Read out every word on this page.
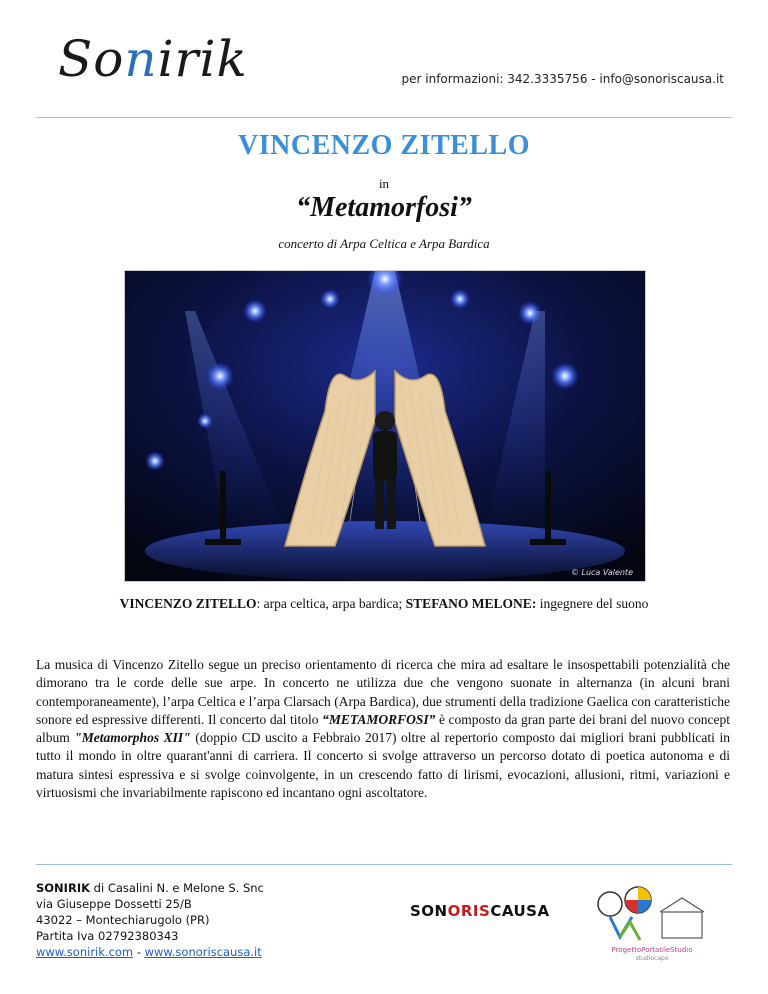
Sonirik	per informazioni: 342.3335756 - info@sonoriscausa.it
VINCENZO ZITELLO
in
“Metamorfosi”
concerto di Arpa Celtica e Arpa Bardica
© Luca Valente
VINCENZO ZITELLO: arpa celtica, arpa bardica; STEFANO MELONE: ingegnere del suono
La musica di Vincenzo Zitello segue un preciso orientamento di ricerca che mira ad esaltare le insospettabili potenzialità che dimorano tra le corde delle sue arpe. In concerto ne utilizza due che vengono suonate in alternanza (in alcuni brani contemporaneamente), l’arpa Celtica e l’arpa Clarsach (Arpa Bardica), due strumenti della tradizione Gaelica con caratteristiche sonore ed espressive differenti. Il concerto dal titolo “METAMORFOSI” è composto da gran parte dei brani del nuovo concept album "Metamorphos XII" (doppio CD uscito a Febbraio 2017) oltre al repertorio composto dai migliori brani pubblicati in tutto il mondo in oltre quarant'anni di carriera. Il concerto si svolge attraverso un percorso dotato di poetica autonoma e di matura sintesi espressiva e si svolge coinvolgente, in un crescendo fatto di lirismi, evocazioni, allusioni, ritmi, variazioni e virtuosismi che invariabilmente rapiscono ed incantano ogni ascoltatore.
SONIRIK di Casalini N. e Melone S. Snc
via Giuseppe Dossetti 25/B
43022 – Montechiarugolo (PR)
Partita Iva 02792380343
www.sonirik.com - www.sonoriscausa.it
SONORISCAUSA
ProgettoPortatileStudio
studiocapx
